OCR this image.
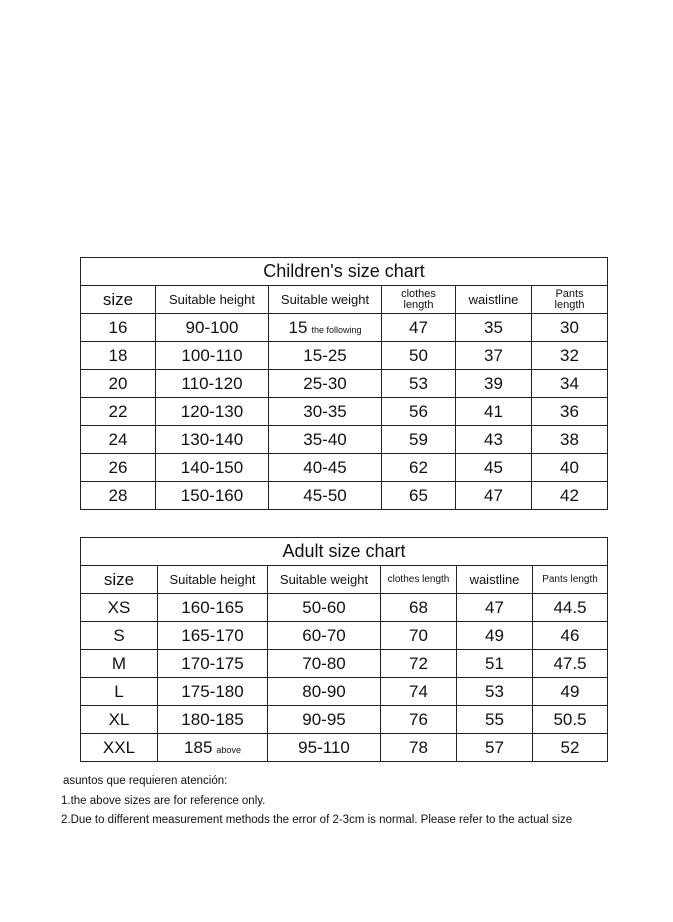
Children's size chart					
size	Suitable height	Suitable weight	clothes length	waistline	Pants length

16	90-100	15 the following	47	35	30
18	100-110	15-25	50	37	32
20	110-120	25-30	53	39	34
22	120-130	30-35	56	41	36
24	130-140	35-40	59	43	38
26	140-150	40-45	62	45	40
28	150-160	45-50	65	47	42
Adult size chart					
size	Suitable height	Suitable weight	clothes length	waistline	Pants length
XS	160-165	50-60	68	47	44.5
S	165-170	60-70	70	49	46
M	170-175	70-80	72	51	47.5
L	175-180	80-90	74	53	49
XL	180-185	90-95	76	55	50.5
XXL	185 above	95-110	78	57	52
asuntos que requieren atención:
1.the above sizes are for reference only.
2.Due to different measurement methods the error of 2-3cm is normal. Please refer to the actual size
